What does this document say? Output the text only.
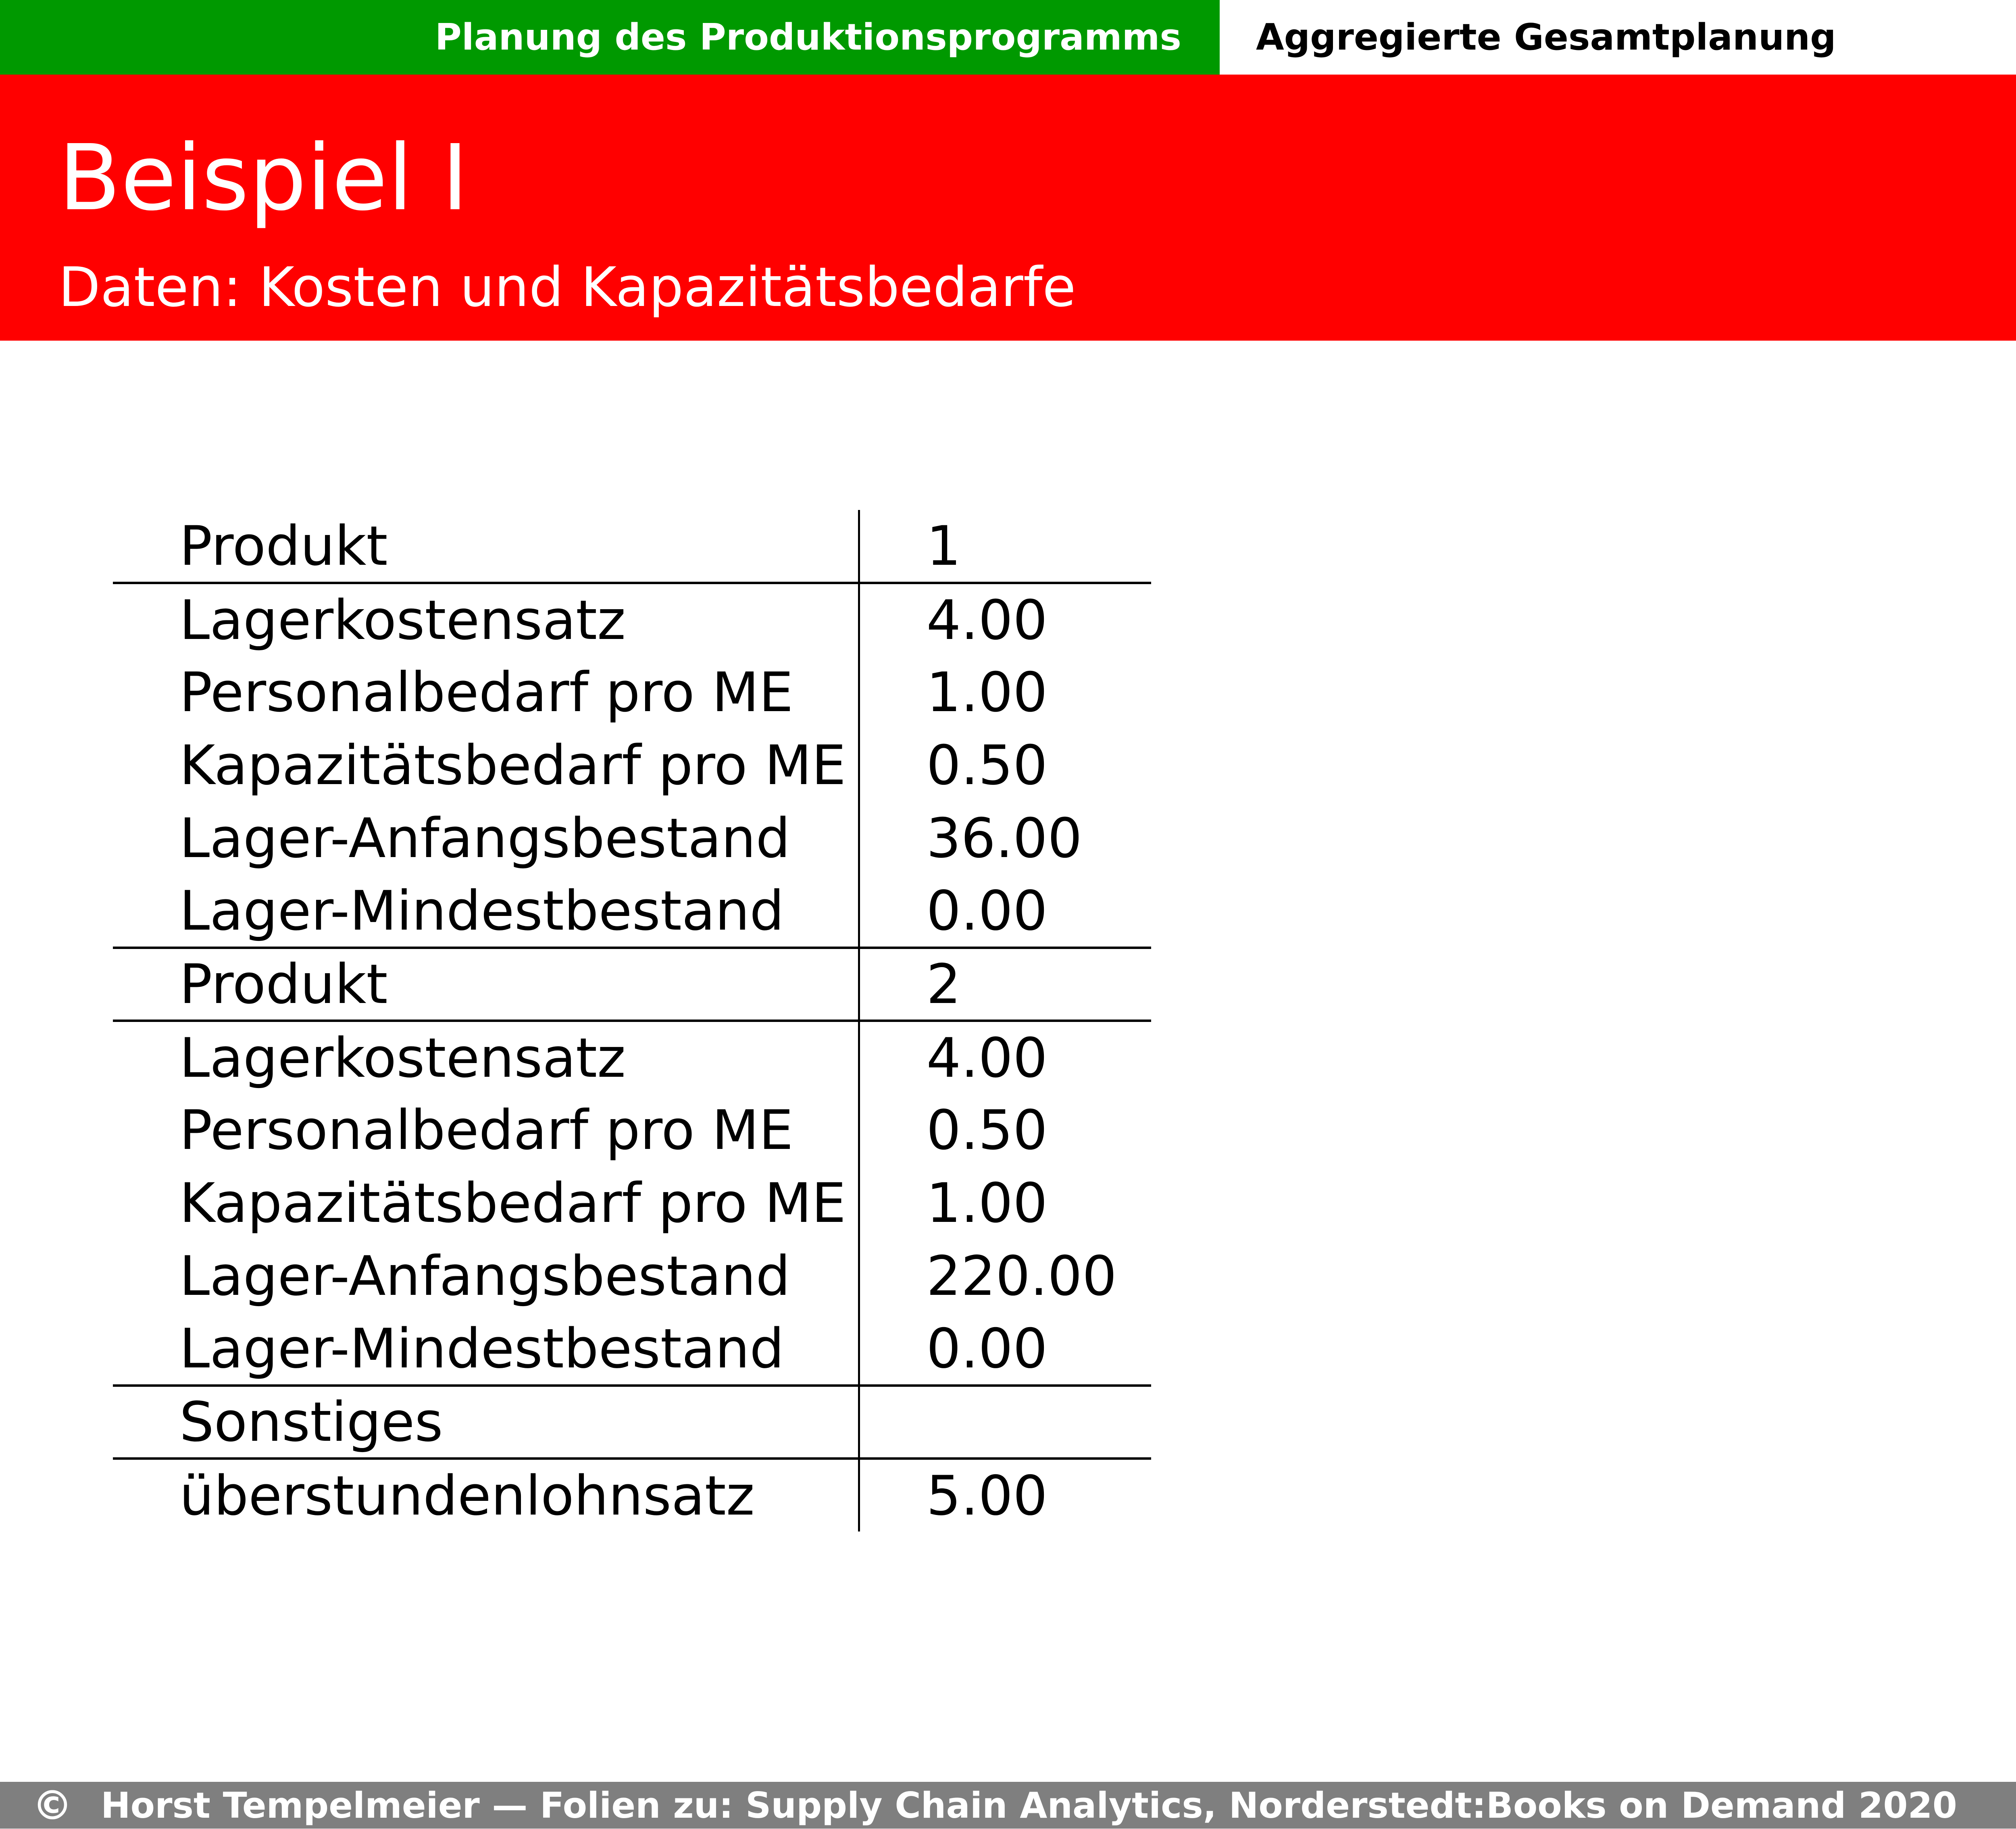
Planung des Produktionsprogramms Aggregierte Gesamtplanung
Beispiel I
Daten: Kosten und Kapazitätsbedarfe
Produkt	1
Lagerkostensatz	4.00
Personalbedarf pro ME	1.00
Kapazitätsbedarf pro ME	0.50
Lager-Anfangsbestand	36.00
Lager-Mindestbestand	0.00
Produkt	2
Lagerkostensatz	4.00
Personalbedarf pro ME	0.50
Kapazitätsbedarf pro ME	1.00
Lager-Anfangsbestand	220.00
Lager-Mindestbestand	0.00
Sonstiges	
überstundenlohnsatz	5.00
© Horst Tempelmeier — Folien zu: Supply Chain Analytics, Norderstedt:Books on Demand 2020
